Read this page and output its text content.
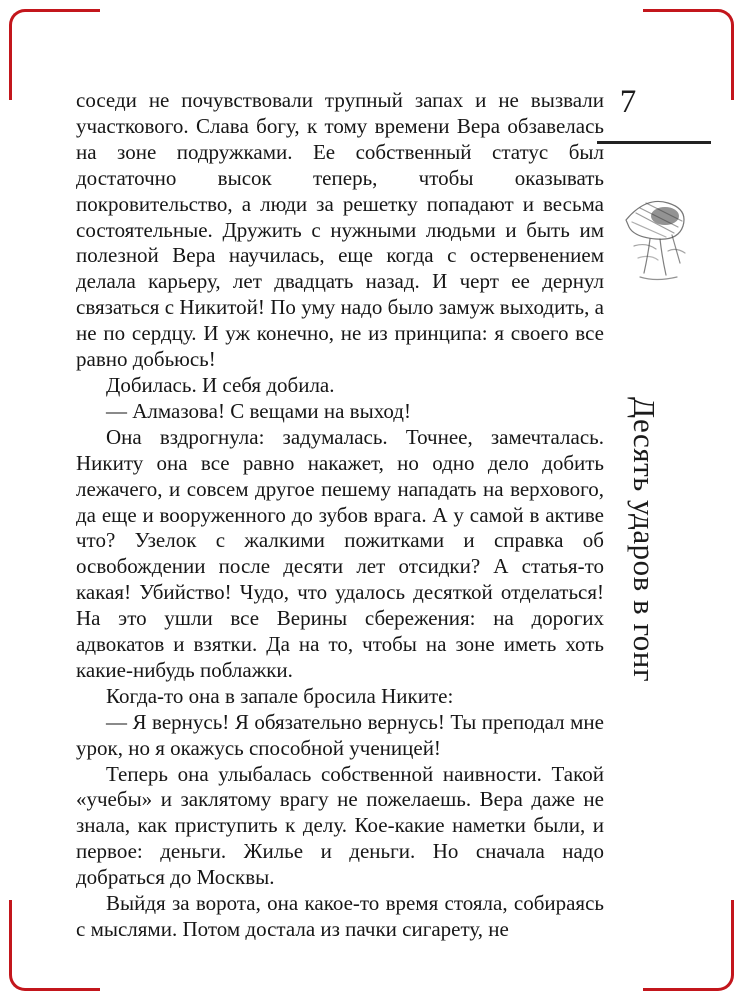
7
Десять ударов в гонг

соседи не почувствовали трупный запах и не вызвали участкового. Слава богу, к тому времени Вера обзавелась на зоне подружками. Ее собственный статус был достаточно высок теперь, чтобы оказывать покровительство, а люди за решетку попадают и весьма состоятельные. Дружить с нужными людьми и быть им полезной Вера научилась, еще когда с остервенением делала карьеру, лет двадцать назад. И черт ее дернул связаться с Никитой! По уму надо было замуж выходить, а не по сердцу. И уж конечно, не из принципа: я своего все равно добьюсь!

Добилась. И себя добила.

— Алмазова! С вещами на выход!

Она вздрогнула: задумалась. Точнее, замечталась. Никиту она все равно накажет, но одно дело добить лежачего, и совсем другое пешему нападать на верхового, да еще и вооруженного до зубов врага. А у самой в активе что? Узелок с жалкими пожитками и справка об освобождении после десяти лет отсидки? А статья-то какая! Убийство! Чудо, что удалось десяткой отделаться! На это ушли все Верины сбережения: на дорогих адвокатов и взятки. Да на то, чтобы на зоне иметь хоть какие-нибудь поблажки.

Когда-то она в запале бросила Никите:

— Я вернусь! Я обязательно вернусь! Ты преподал мне урок, но я окажусь способной ученицей!

Теперь она улыбалась собственной наивности. Такой «учебы» и заклятому врагу не пожелаешь. Вера даже не знала, как приступить к делу. Кое-какие наметки были, и первое: деньги. Жилье и деньги. Но сначала надо добраться до Москвы.

Выйдя за ворота, она какое-то время стояла, собираясь с мыслями. Потом достала из пачки сигарету, не
